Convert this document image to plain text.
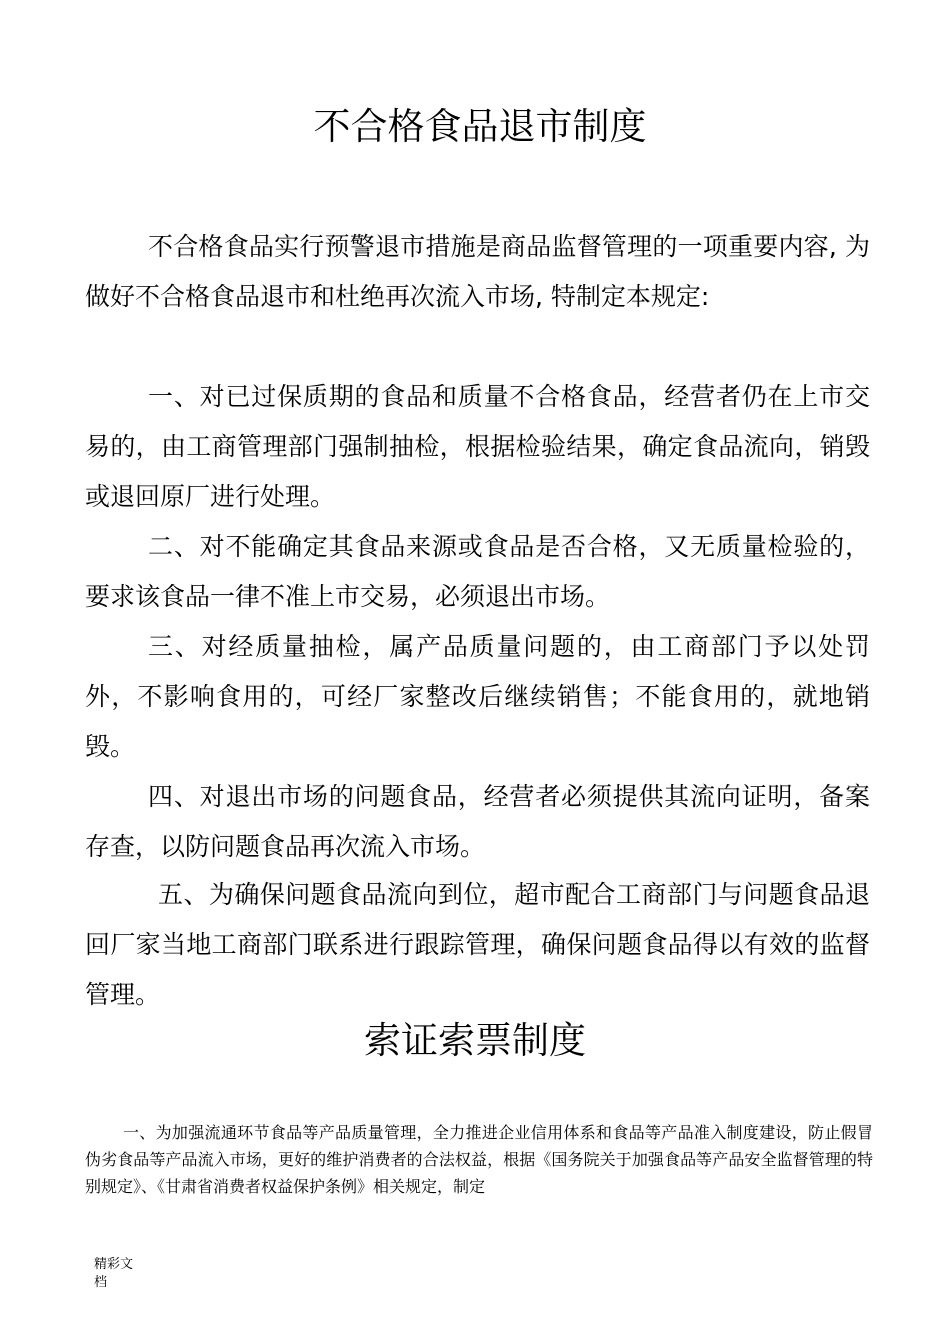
不合格食品退市制度

不合格食品实行预警退市措施是商品监督管理的一项重要内容, 为做好不合格食品退市和杜绝再次流入市场, 特制定本规定:

一、对已过保质期的食品和质量不合格食品，经营者仍在上市交易的，由工商管理部门强制抽检，根据检验结果，确定食品流向，销毁或退回原厂进行处理。

二、对不能确定其食品来源或食品是否合格，又无质量检验的，要求该食品一律不准上市交易，必须退出市场。

三、对经质量抽检，属产品质量问题的，由工商部门予以处罚外，不影响食用的，可经厂家整改后继续销售；不能食用的，就地销毁。

四、对退出市场的问题食品，经营者必须提供其流向证明，备案存查，以防问题食品再次流入市场。

五、为确保问题食品流向到位，超市配合工商部门与问题食品退回厂家当地工商部门联系进行跟踪管理，确保问题食品得以有效的监督管理。

索证索票制度

一、为加强流通环节食品等产品质量管理，全力推进企业信用体系和食品等产品准入制度建设，防止假冒伪劣食品等产品流入市场，更好的维护消费者的合法权益，根据《国务院关于加强食品等产品安全监督管理的特别规定》、《甘肃省消费者权益保护条例》相关规定，制定

精彩文档
